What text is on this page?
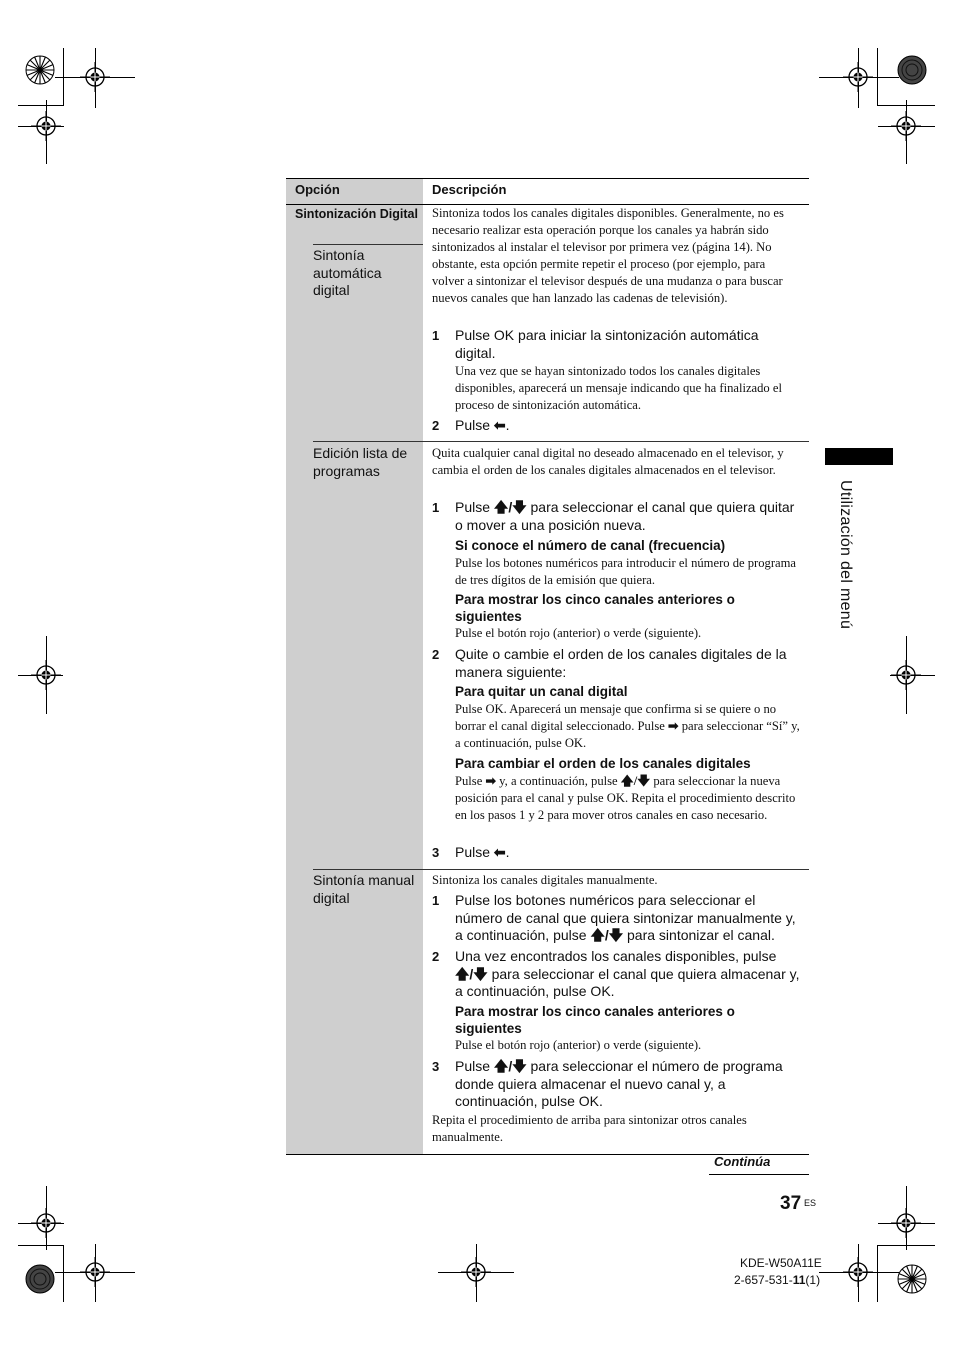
Opción	Descripción
Sintonización Digital
Sintonía automática digital
Sintoniza todos los canales digitales disponibles. Generalmente, no es necesario realizar esta operación porque los canales ya habrán sido sintonizados al instalar el televisor por primera vez (página 14). No obstante, esta opción permite repetir el proceso (por ejemplo, para volver a sintonizar el televisor después de una mudanza o para buscar nuevos canales que han lanzado las cadenas de televisión).
1 Pulse OK para iniciar la sintonización automática digital.
Una vez que se hayan sintonizado todos los canales digitales disponibles, aparecerá un mensaje indicando que ha finalizado el proceso de sintonización automática.
2 Pulse ⬅.
Edición lista de programas
Quita cualquier canal digital no deseado almacenado en el televisor, y cambia el orden de los canales digitales almacenados en el televisor.
1 Pulse 🡅/🡇 para seleccionar el canal que quiera quitar o mover a una posición nueva.
Si conoce el número de canal (frecuencia)
Pulse los botones numéricos para introducir el número de programa de tres dígitos de la emisión que quiera.
Para mostrar los cinco canales anteriores o siguientes
Pulse el botón rojo (anterior) o verde (siguiente).
2 Quite o cambie el orden de los canales digitales de la manera siguiente:
Para quitar un canal digital
Pulse OK. Aparecerá un mensaje que confirma si se quiere o no borrar el canal digital seleccionado. Pulse ➡ para seleccionar “Sí” y, a continuación, pulse OK.
Para cambiar el orden de los canales digitales
Pulse ➡ y, a continuación, pulse 🡅/🡇 para seleccionar la nueva posición para el canal y pulse OK. Repita el procedimiento descrito en los pasos 1 y 2 para mover otros canales en caso necesario.
3 Pulse ⬅.
Sintonía manual digital
Sintoniza los canales digitales manualmente.
1 Pulse los botones numéricos para seleccionar el número de canal que quiera sintonizar manualmente y, a continuación, pulse 🡅/🡇 para sintonizar el canal.
2 Una vez encontrados los canales disponibles, pulse 🡅/🡇 para seleccionar el canal que quiera almacenar y, a continuación, pulse OK.
Para mostrar los cinco canales anteriores o siguientes
Pulse el botón rojo (anterior) o verde (siguiente).
3 Pulse 🡅/🡇 para seleccionar el número de programa donde quiera almacenar el nuevo canal y, a continuación, pulse OK.
Repita el procedimiento de arriba para sintonizar otros canales manualmente.
Utilización del menú
Continúa
37 ES
KDE-W50A11E
2-657-531-11(1)
